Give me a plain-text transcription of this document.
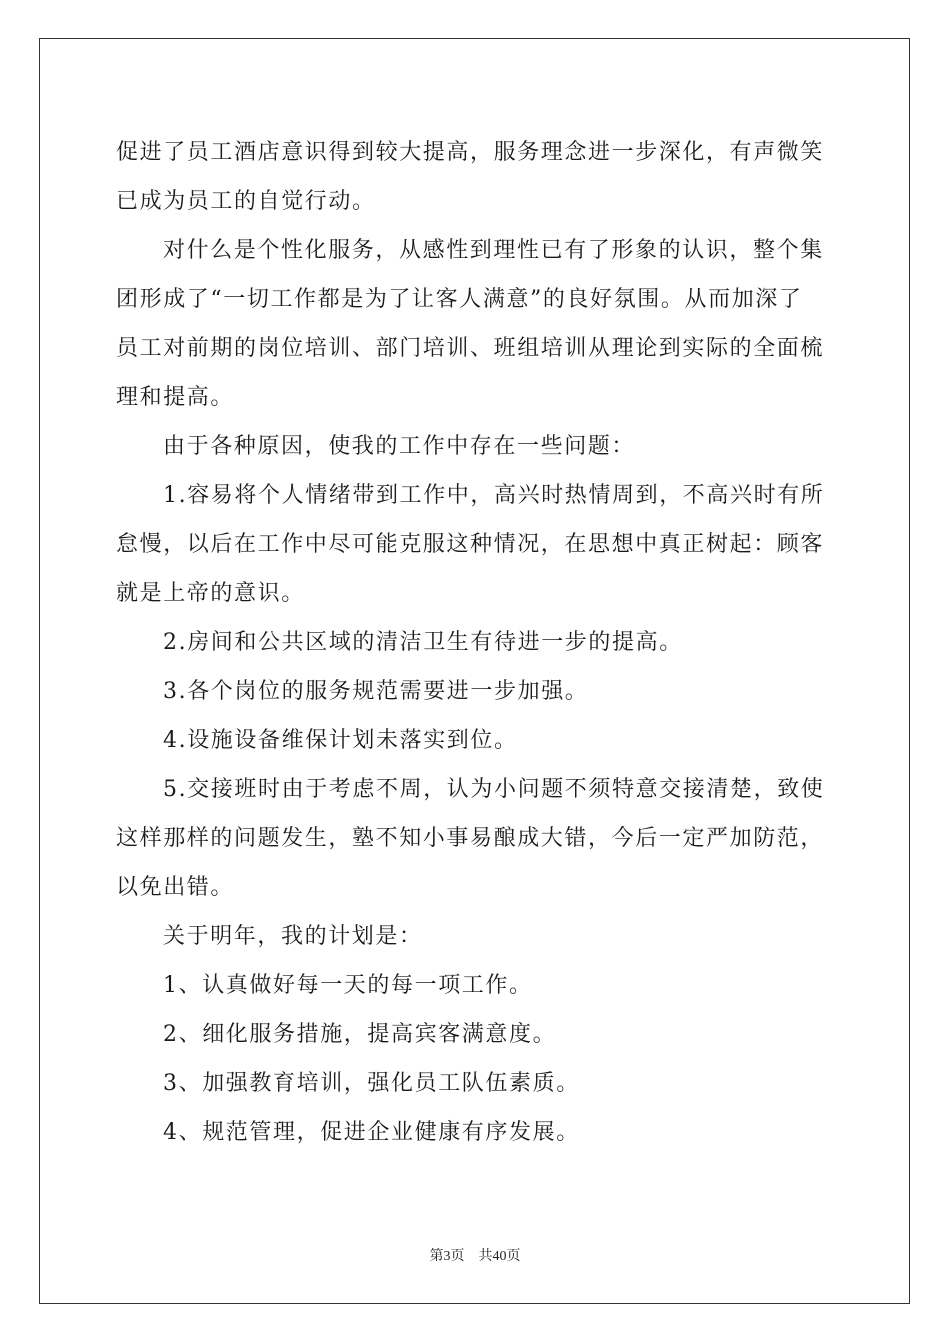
促进了员工酒店意识得到较大提高，服务理念进一步深化，有声微笑
已成为员工的自觉行动。
对什么是个性化服务，从感性到理性已有了形象的认识，整个集
团形成了“一切工作都是为了让客人满意”的良好氛围。从而加深了
员工对前期的岗位培训、部门培训、班组培训从理论到实际的全面梳
理和提高。
由于各种原因，使我的工作中存在一些问题：
1.容易将个人情绪带到工作中，高兴时热情周到，不高兴时有所
怠慢，以后在工作中尽可能克服这种情况，在思想中真正树起：顾客
就是上帝的意识。
2.房间和公共区域的清洁卫生有待进一步的提高。
3.各个岗位的服务规范需要进一步加强。
4.设施设备维保计划未落实到位。
5.交接班时由于考虑不周，认为小问题不须特意交接清楚，致使
这样那样的问题发生，塾不知小事易酿成大错，今后一定严加防范，
以免出错。
关于明年，我的计划是：
1、认真做好每一天的每一项工作。
2、细化服务措施，提高宾客满意度。
3、加强教育培训，强化员工队伍素质。
4、规范管理，促进企业健康有序发展。
第3页 共40页
